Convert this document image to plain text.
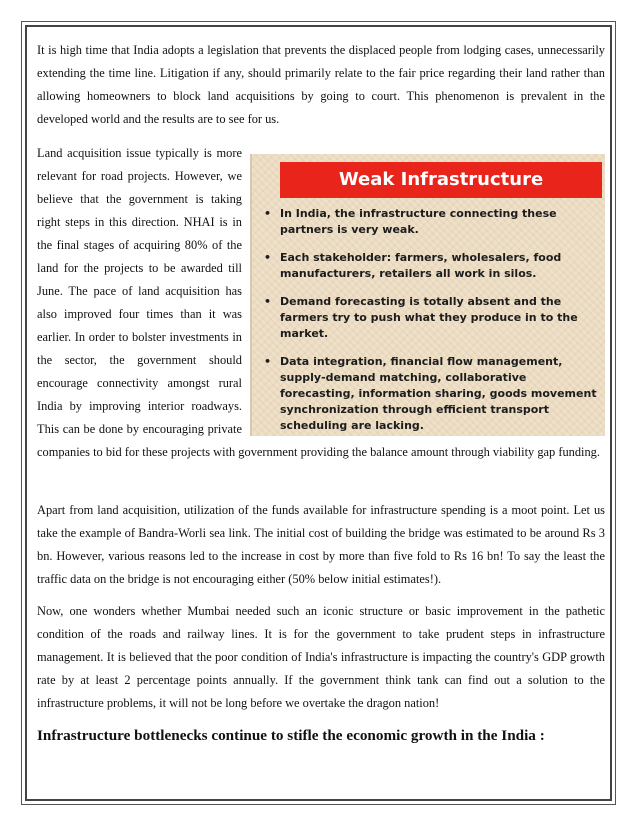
It is high time that India adopts a legislation that prevents the displaced people from lodging cases, unnecessarily extending the time line. Litigation if any, should primarily relate to the fair price regarding their land rather than allowing homeowners to block land acquisitions by going to court. This phenomenon is prevalent in the developed world and the results are to see for us.

Weak Infrastructure
• In India, the infrastructure connecting these partners is very weak.
• Each stakeholder: farmers, wholesalers, food manufacturers, retailers all work in silos.
• Demand forecasting is totally absent and the farmers try to push what they produce in to the market.
• Data integration, financial flow management, supply-demand matching, collaborative forecasting, information sharing, goods movement synchronization through efficient transport scheduling are lacking.

Land acquisition issue typically is more relevant for road projects. However, we believe that the government is taking right steps in this direction. NHAI is in the final stages of acquiring 80% of the land for the projects to be awarded till June. The pace of land acquisition has also improved four times than it was earlier. In order to bolster investments in the sector, the government should encourage connectivity amongst rural India by improving interior roadways. This can be done by encouraging private companies to bid for these projects with government providing the balance amount through viability gap funding.

Apart from land acquisition, utilization of the funds available for infrastructure spending is a moot point. Let us take the example of Bandra-Worli sea link. The initial cost of building the bridge was estimated to be around Rs 3 bn. However, various reasons led to the increase in cost by more than five fold to Rs 16 bn! To say the least the traffic data on the bridge is not encouraging either (50% below initial estimates!).

Now, one wonders whether Mumbai needed such an iconic structure or basic improvement in the pathetic condition of the roads and railway lines. It is for the government to take prudent steps in infrastructure management. It is believed that the poor condition of India's infrastructure is impacting the country's GDP growth rate by at least 2 percentage points annually. If the government think tank can find out a solution to the infrastructure problems, it will not be long before we overtake the dragon nation!

Infrastructure bottlenecks continue to stifle the economic growth in the India :
